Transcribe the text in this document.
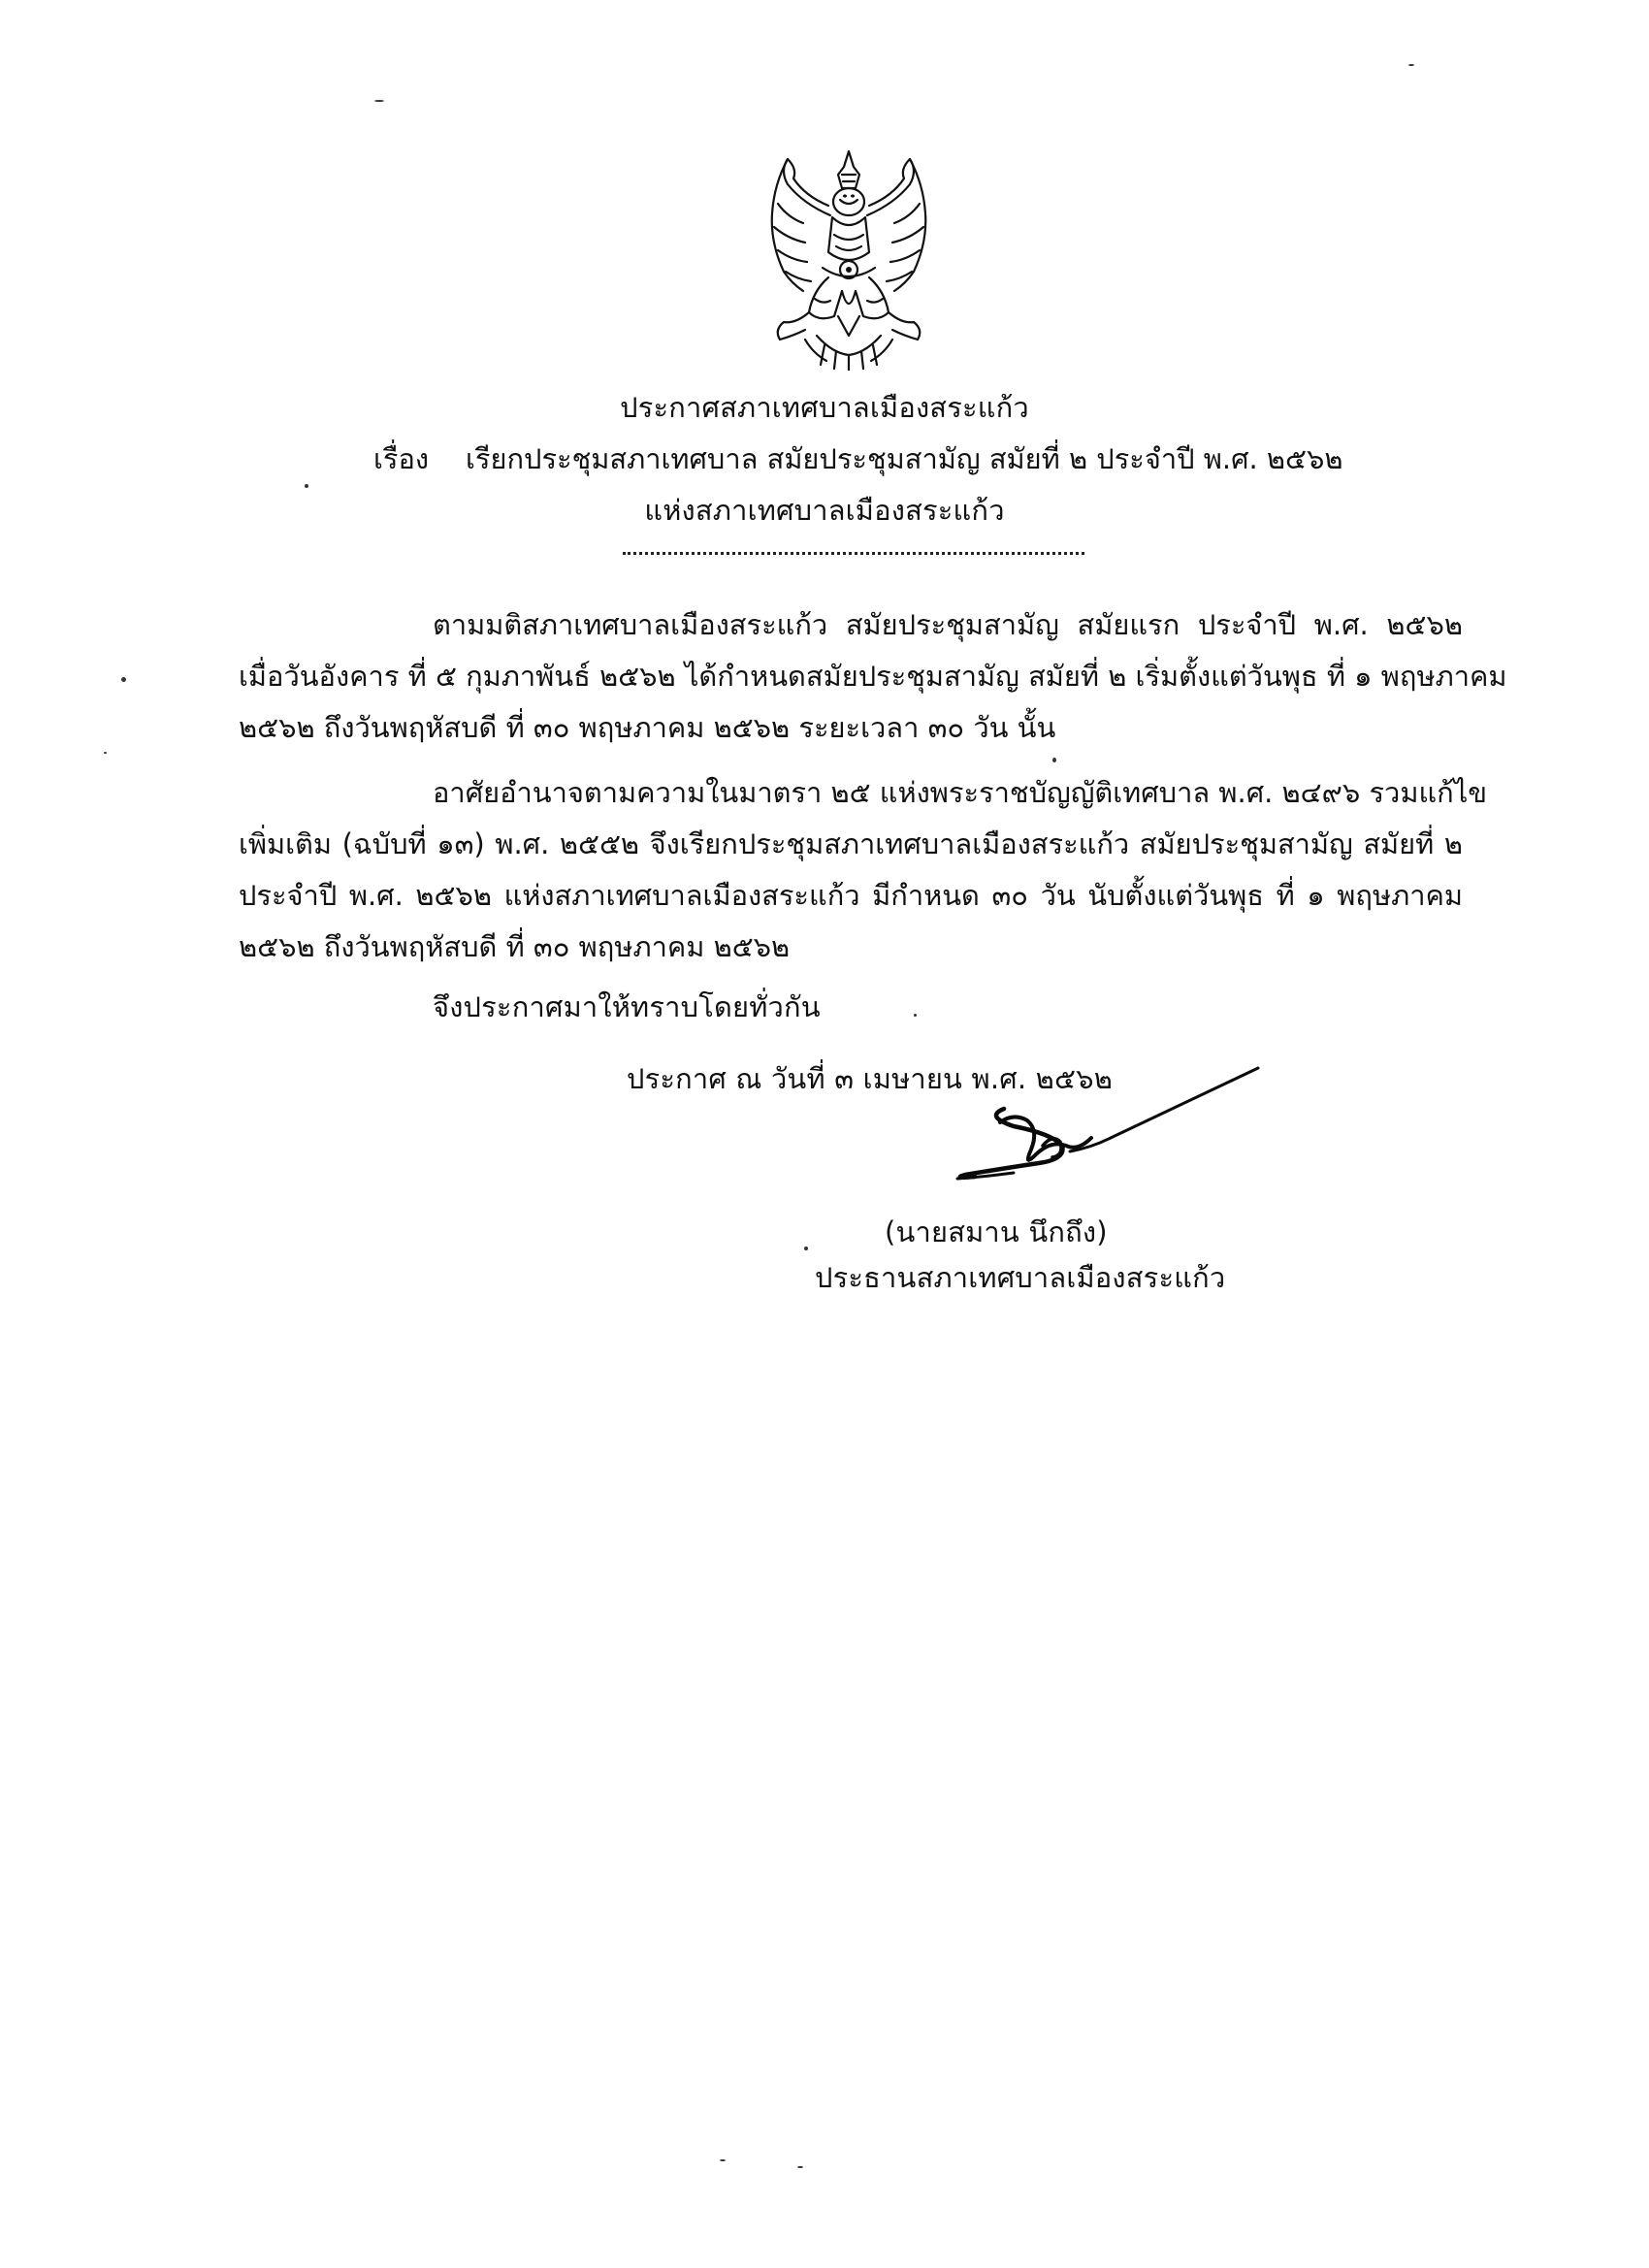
ประกาศสภาเทศบาลเมืองสระแก้ว
เรื่อง เรียกประชุมสภาเทศบาล สมัยประชุมสามัญ สมัยที่ ๒ ประจำปี พ.ศ. ๒๕๖๒
แห่งสภาเทศบาลเมืองสระแก้ว
ตามมติสภาเทศบาลเมืองสระแก้ว สมัยประชุมสามัญ สมัยแรก ประจำปี พ.ศ. ๒๕๖๒
เมื่อวันอังคาร ที่ ๕ กุมภาพันธ์ ๒๕๖๒ ได้กำหนดสมัยประชุมสามัญ สมัยที่ ๒ เริ่มตั้งแต่วันพุธ ที่ ๑ พฤษภาคม
๒๕๖๒ ถึงวันพฤหัสบดี ที่ ๓๐ พฤษภาคม ๒๕๖๒ ระยะเวลา ๓๐ วัน นั้น
อาศัยอำนาจตามความในมาตรา ๒๕ แห่งพระราชบัญญัติเทศบาล พ.ศ. ๒๔๙๖ รวมแก้ไข
เพิ่มเติม (ฉบับที่ ๑๓) พ.ศ. ๒๕๕๒ จึงเรียกประชุมสภาเทศบาลเมืองสระแก้ว สมัยประชุมสามัญ สมัยที่ ๒
ประจำปี พ.ศ. ๒๕๖๒ แห่งสภาเทศบาลเมืองสระแก้ว มีกำหนด ๓๐ วัน นับตั้งแต่วันพุธ ที่ ๑ พฤษภาคม
๒๕๖๒ ถึงวันพฤหัสบดี ที่ ๓๐ พฤษภาคม ๒๕๖๒
จึงประกาศมาให้ทราบโดยทั่วกัน
ประกาศ ณ วันที่ ๓ เมษายน พ.ศ. ๒๕๖๒
(นายสมาน นึกถึง)
ประธานสภาเทศบาลเมืองสระแก้ว
